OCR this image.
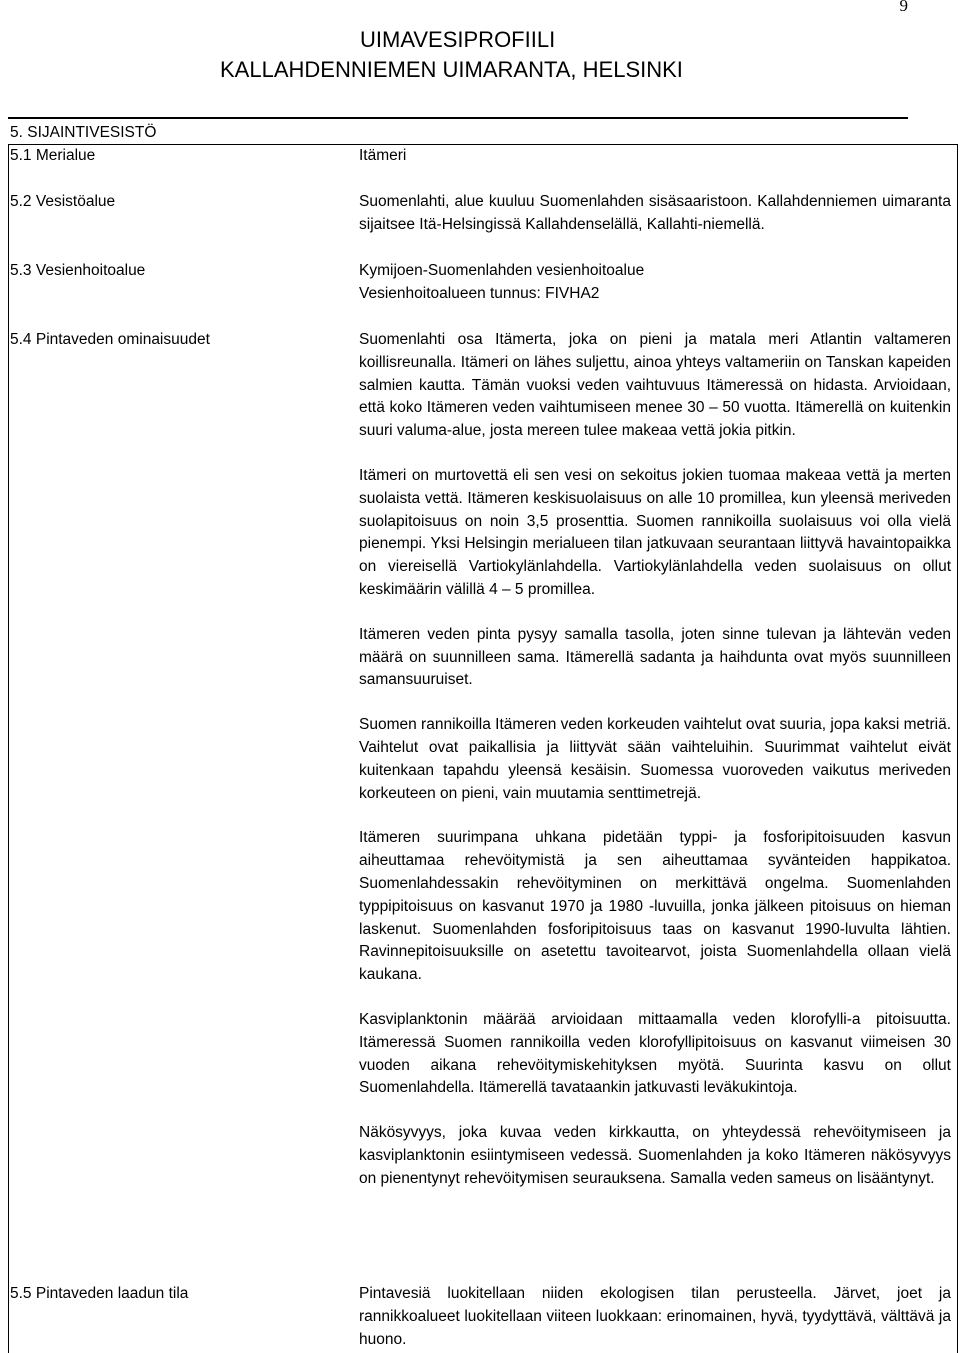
9
UIMAVESIPROFIILI
KALLAHDENNIEMEN UIMARANTA, HELSINKI
5. SIJAINTIVESISTÖ
5.1 Merialue	Itämeri

5.2 Vesistöalue	Suomenlahti, alue kuuluu Suomenlahden sisäsaaristoon. Kallahdenniemen uimaranta sijaitsee Itä-Helsingissä Kallahdenselällä, Kallahti-niemellä.

5.3 Vesienhoitoalue	Kymijoen-Suomenlahden vesienhoitoalue Vesienhoitoalueen tunnus: FIVHA2

5.4 Pintaveden ominaisuudet	Suomenlahti osa Itämerta, joka on pieni ja matala meri Atlantin valtameren koillisreunalla. Itämeri on lähes suljettu, ainoa yhteys valtameriin on Tanskan kapeiden salmien kautta. Tämän vuoksi veden vaihtuvuus Itämeressä on hidasta. Arvioidaan, että koko Itämeren veden vaihtumiseen menee 30 – 50 vuotta. Itämerellä on kuitenkin suuri valuma-alue, josta mereen tulee makeaa vettä jokia pitkin.

Itämeri on murtovettä eli sen vesi on sekoitus jokien tuomaa makeaa vettä ja merten suolaista vettä. Itämeren keskisuolaisuus on alle 10 promillea, kun yleensä meriveden suolapitoisuus on noin 3,5 prosenttia. Suomen rannikoilla suolaisuus voi olla vielä pienempi. Yksi Helsingin merialueen tilan jatkuvaan seurantaan liittyvä havaintopaikka on viereisellä Vartiokylänlahdella. Vartiokylänlahdella veden suolaisuus on ollut keskimäärin välillä 4 – 5 promillea.

Itämeren veden pinta pysyy samalla tasolla, joten sinne tulevan ja lähtevän veden määrä on suunnilleen sama. Itämerellä sadanta ja haihdunta ovat myös suunnilleen samansuuruiset.

Suomen rannikoilla Itämeren veden korkeuden vaihtelut ovat suuria, jopa kaksi metriä. Vaihtelut ovat paikallisia ja liittyvät sään vaihteluihin. Suurimmat vaihtelut eivät kuitenkaan tapahdu yleensä kesäisin. Suomessa vuoroveden vaikutus meriveden korkeuteen on pieni, vain muutamia senttimetrejä.

Itämeren suurimpana uhkana pidetään typpi- ja fosforipitoisuuden kasvun aiheuttamaa rehevöitymistä ja sen aiheuttamaa syvänteiden happikatoa. Suomenlahdessakin rehevöityminen on merkittävä ongelma. Suomenlahden typpipitoisuus on kasvanut 1970 ja 1980 -luvuilla, jonka jälkeen pitoisuus on hieman laskenut. Suomenlahden fosforipitoisuus taas on kasvanut 1990-luvulta lähtien. Ravinnepitoisuuksille on asetettu tavoitearvot, joista Suomenlahdella ollaan vielä kaukana.

Kasviplanktonin määrää arvioidaan mittaamalla veden klorofylli-a pitoisuutta. Itämeressä Suomen rannikoilla veden klorofyllipitoisuus on kasvanut viimeisen 30 vuoden aikana rehevöitymiskehityksen myötä. Suurinta kasvu on ollut Suomenlahdella. Itämerellä tavataankin jatkuvasti leväkukintoja.

Näkösyvyys, joka kuvaa veden kirkkautta, on yhteydessä rehevöitymiseen ja kasviplanktonin esiintymiseen vedessä. Suomenlahden ja koko Itämeren näkösyvyys on pienentynyt rehevöitymisen seurauksena. Samalla veden sameus on lisääntynyt.

5.5 Pintaveden laadun tila	Pintavesiä luokitellaan niiden ekologisen tilan perusteella. Järvet, joet ja rannikkoalueet luokitellaan viiteen luokkaan: erinomainen, hyvä, tyydyttävä, välttävä ja huono.
